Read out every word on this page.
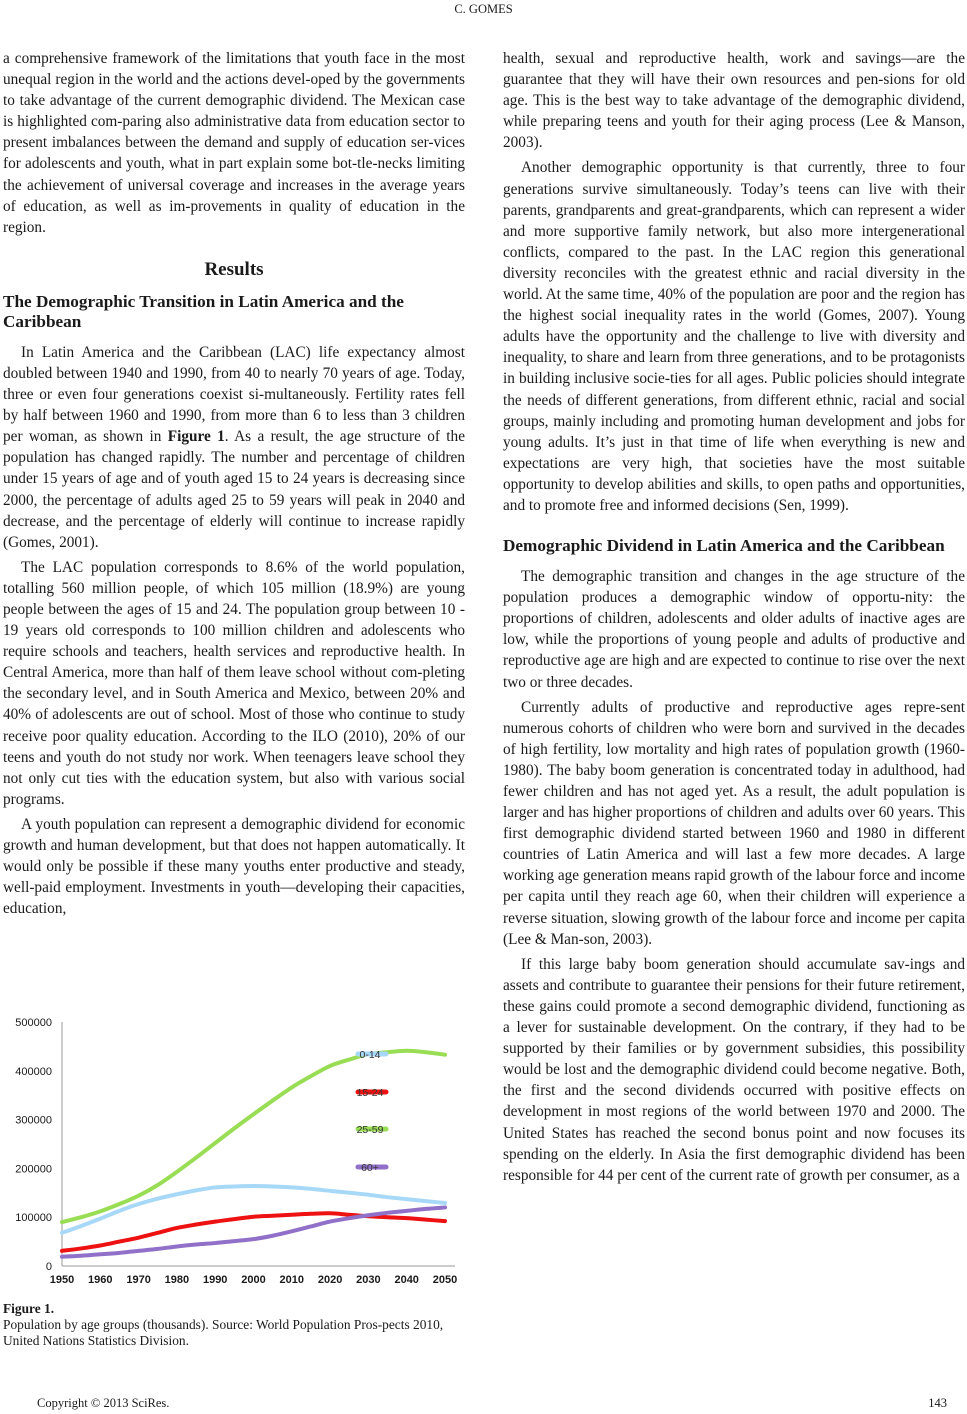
C. GOMES

a comprehensive framework of the limitations that youth face in the most unequal region in the world and the actions devel-oped by the governments to take advantage of the current demographic dividend. The Mexican case is highlighted com-paring also administrative data from education sector to present imbalances between the demand and supply of education ser-vices for adolescents and youth, what in part explain some bot-tle-necks limiting the achievement of universal coverage and increases in the average years of education, as well as im-provements in quality of education in the region.

Results
The Demographic Transition in Latin America and the Caribbean

In Latin America and the Caribbean (LAC) life expectancy almost doubled between 1940 and 1990, from 40 to nearly 70 years of age. Today, three or even four generations coexist si-multaneously. Fertility rates fell by half between 1960 and 1990, from more than 6 to less than 3 children per woman, as shown in Figure 1. As a result, the age structure of the population has changed rapidly. The number and percentage of children under 15 years of age and of youth aged 15 to 24 years is decreasing since 2000, the percentage of adults aged 25 to 59 years will peak in 2040 and decrease, and the percentage of elderly will continue to increase rapidly (Gomes, 2001).

The LAC population corresponds to 8.6% of the world population, totalling 560 million people, of which 105 million (18.9%) are young people between the ages of 15 and 24. The population group between 10 - 19 years old corresponds to 100 million children and adolescents who require schools and teachers, health services and reproductive health. In Central America, more than half of them leave school without com-pleting the secondary level, and in South America and Mexico, between 20% and 40% of adolescents are out of school. Most of those who continue to study receive poor quality education. According to the ILO (2010), 20% of our teens and youth do not study nor work. When teenagers leave school they not only cut ties with the education system, but also with various social programs.

A youth population can represent a demographic dividend for economic growth and human development, but that does not happen automatically. It would only be possible if these many youths enter productive and steady, well-paid employment. Investments in youth—developing their capacities, education,

0
100000
200000
300000
400000
500000
1950 1960 1970 1980 1990 2000 2010 2020 2030 2040 2050
0-14
15-24
25-59
60+
Figure 1.
Population by age groups (thousands). Source: World Population Pros-pects 2010, United Nations Statistics Division.

health, sexual and reproductive health, work and savings—are the guarantee that they will have their own resources and pen-sions for old age. This is the best way to take advantage of the demographic dividend, while preparing teens and youth for their aging process (Lee & Manson, 2003).

Another demographic opportunity is that currently, three to four generations survive simultaneously. Today’s teens can live with their parents, grandparents and great-grandparents, which can represent a wider and more supportive family network, but also more intergenerational conflicts, compared to the past. In the LAC region this generational diversity reconciles with the greatest ethnic and racial diversity in the world. At the same time, 40% of the population are poor and the region has the highest social inequality rates in the world (Gomes, 2007). Young adults have the opportunity and the challenge to live with diversity and inequality, to share and learn from three generations, and to be protagonists in building inclusive socie-ties for all ages. Public policies should integrate the needs of different generations, from different ethnic, racial and social groups, mainly including and promoting human development and jobs for young adults. It’s just in that time of life when everything is new and expectations are very high, that societies have the most suitable opportunity to develop abilities and skills, to open paths and opportunities, and to promote free and informed decisions (Sen, 1999).

Demographic Dividend in Latin America and the Caribbean

The demographic transition and changes in the age structure of the population produces a demographic window of opportu-nity: the proportions of children, adolescents and older adults of inactive ages are low, while the proportions of young people and adults of productive and reproductive age are high and are expected to continue to rise over the next two or three decades.

Currently adults of productive and reproductive ages repre-sent numerous cohorts of children who were born and survived in the decades of high fertility, low mortality and high rates of population growth (1960-1980). The baby boom generation is concentrated today in adulthood, had fewer children and has not aged yet. As a result, the adult population is larger and has higher proportions of children and adults over 60 years. This first demographic dividend started between 1960 and 1980 in different countries of Latin America and will last a few more decades. A large working age generation means rapid growth of the labour force and income per capita until they reach age 60, when their children will experience a reverse situation, slowing growth of the labour force and income per capita (Lee & Man-son, 2003).

If this large baby boom generation should accumulate sav-ings and assets and contribute to guarantee their pensions for their future retirement, these gains could promote a second demographic dividend, functioning as a lever for sustainable development. On the contrary, if they had to be supported by their families or by government subsidies, this possibility would be lost and the demographic dividend could become negative. Both, the first and the second dividends occurred with positive effects on development in most regions of the world between 1970 and 2000. The United States has reached the second bonus point and now focuses its spending on the elderly. In Asia the first demographic dividend has been responsible for 44 per cent of the current rate of growth per consumer, as a

Copyright © 2013 SciRes.	143
